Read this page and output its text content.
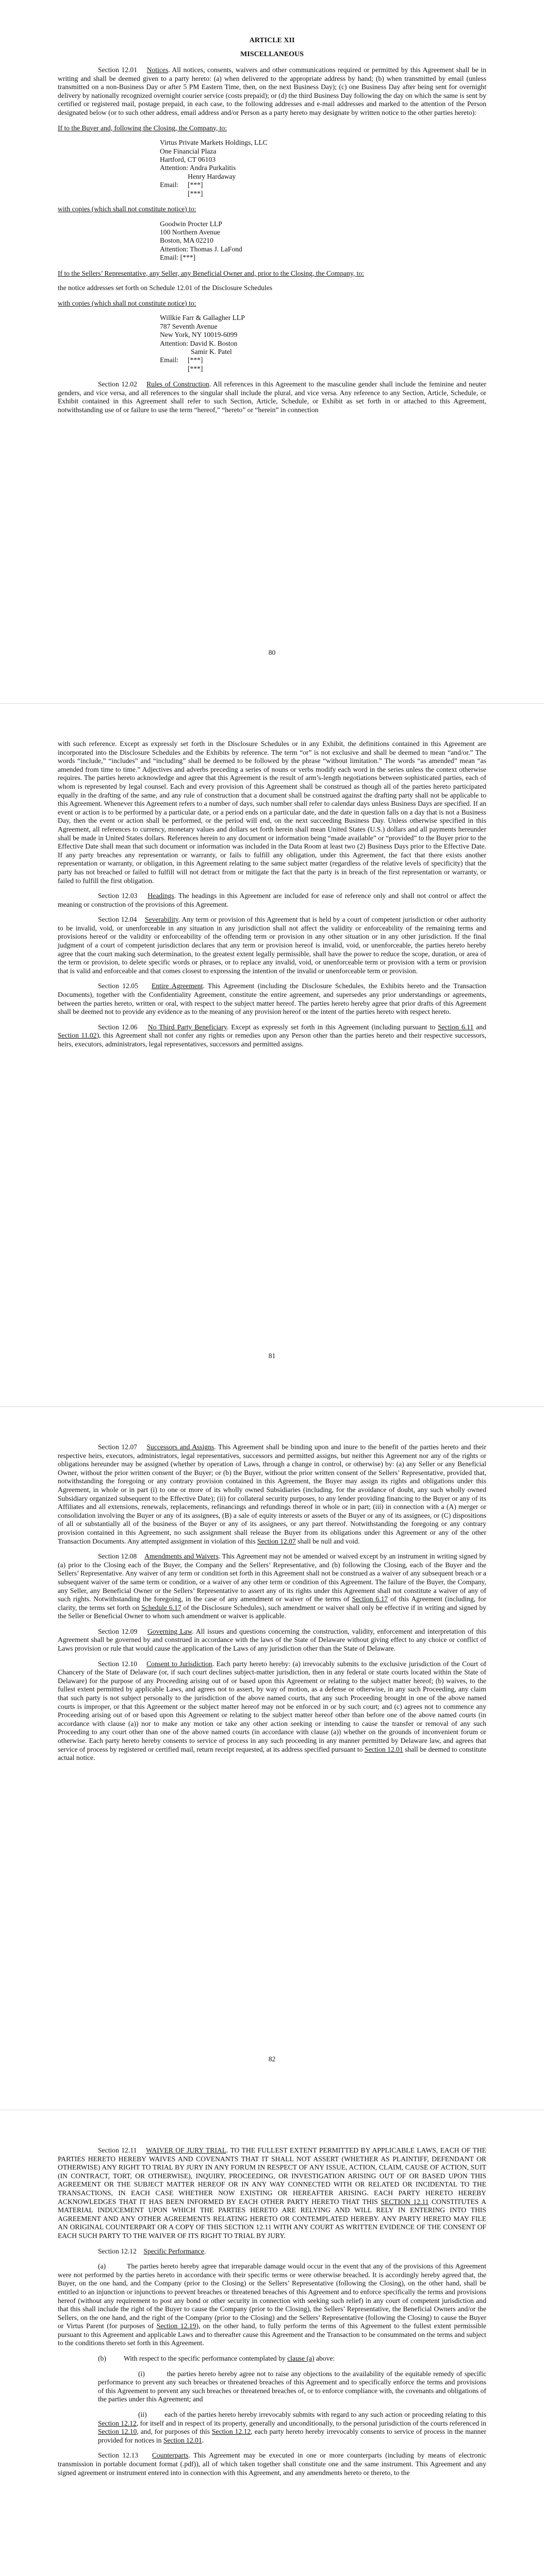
ARTICLE XII
MISCELLANEOUS

Section 12.01 Notices. All notices, consents, waivers and other communications required or permitted by this Agreement shall be in writing and shall be deemed given to a party hereto: (a) when delivered to the appropriate address by hand; (b) when transmitted by email (unless transmitted on a non-Business Day or after 5 PM Eastern Time, then, on the next Business Day); (c) one Business Day after being sent for overnight delivery by nationally recognized overnight courier service (costs prepaid); or (d) the third Business Day following the day on which the same is sent by certified or registered mail, postage prepaid, in each case, to the following addresses and e-mail addresses and marked to the attention of the Person designated below (or to such other address, email address and/or Person as a party hereto may designate by written notice to the other parties hereto):

If to the Buyer and, following the Closing, the Company, to:

Virtus Private Markets Holdings, LLC
One Financial Plaza
Hartford, CT 06103
Attention: Andra Purkalitis
Email:
Henry Hardaway
[***]
[***]

with copies (which shall not constitute notice) to:

Goodwin Procter LLP
100 Northern Avenue
Boston, MA 02210
Attention: Thomas J. LaFond
Email: [***]

If to the Sellers’ Representative, any Seller, any Beneficial Owner and, prior to the Closing, the Company, to:

the notice addresses set forth on Schedule 12.01 of the Disclosure Schedules

with copies (which shall not constitute notice) to:

Willkie Farr & Gallagher LLP
787 Seventh Avenue
New York, NY 10019-6099
Attention: David K. Boston
Samir K. Patel
Email:	[***]
[***]

Section 12.02 Rules of Construction. All references in this Agreement to the masculine gender shall include the feminine and neuter genders, and vice versa, and all references to the singular shall include the plural, and vice versa. Any reference to any Section, Article, Schedule, or Exhibit contained in this Agreement shall refer to such Section, Article, Schedule, or Exhibit as set forth in or attached to this Agreement, notwithstanding use of or failure to use the term “hereof,” “hereto” or “herein” in connection

80

with such reference. Except as expressly set forth in the Disclosure Schedules or in any Exhibit, the definitions contained in this Agreement are incorporated into the Disclosure Schedules and the Exhibits by reference. The term “or” is not exclusive and shall be deemed to mean “and/or.” The words “include,” “includes” and “including” shall be deemed to be followed by the phrase “without limitation.” The words “as amended” mean “as amended from time to time.” Adjectives and adverbs preceding a series of nouns or verbs modify each word in the series unless the context otherwise requires. The parties hereto acknowledge and agree that this Agreement is the result of arm’s-length negotiations between sophisticated parties, each of whom is represented by legal counsel. Each and every provision of this Agreement shall be construed as though all of the parties hereto participated equally in the drafting of the same, and any rule of construction that a document shall be construed against the drafting party shall not be applicable to this Agreement. Whenever this Agreement refers to a number of days, such number shall refer to calendar days unless Business Days are specified. If an event or action is to be performed by a particular date, or a period ends on a particular date, and the date in question falls on a day that is not a Business Day, then the event or action shall be performed, or the period will end, on the next succeeding Business Day. Unless otherwise specified in this Agreement, all references to currency, monetary values and dollars set forth herein shall mean United States (U.S.) dollars and all payments hereunder shall be made in United States dollars. References herein to any document or information being “made available” or “provided” to the Buyer prior to the Effective Date shall mean that such document or information was included in the Data Room at least two (2) Business Days prior to the Effective Date. If any party breaches any representation or warranty, or fails to fulfill any obligation, under this Agreement, the fact that there exists another representation or warranty, or obligation, in this Agreement relating to the same subject matter (regardless of the relative levels of specificity) that the party has not breached or failed to fulfill will not detract from or mitigate the fact that the party is in breach of the first representation or warranty, or failed to fulfill the first obligation.

Section 12.03 Headings. The headings in this Agreement are included for ease of reference only and shall not control or affect the meaning or construction of the provisions of this Agreement.

Section 12.04 Severability. Any term or provision of this Agreement that is held by a court of competent jurisdiction or other authority to be invalid, void, or unenforceable in any situation in any jurisdiction shall not affect the validity or enforceability of the remaining terms and provisions hereof or the validity or enforceability of the offending term or provision in any other situation or in any other jurisdiction. If the final judgment of a court of competent jurisdiction declares that any term or provision hereof is invalid, void, or unenforceable, the parties hereto hereby agree that the court making such determination, to the greatest extent legally permissible, shall have the power to reduce the scope, duration, or area of the term or provision, to delete specific words or phrases, or to replace any invalid, void, or unenforceable term or provision with a term or provision that is valid and enforceable and that comes closest to expressing the intention of the invalid or unenforceable term or provision.

Section 12.05 Entire Agreement. This Agreement (including the Disclosure Schedules, the Exhibits hereto and the Transaction Documents), together with the Confidentiality Agreement, constitute the entire agreement, and supersedes any prior understandings or agreements, between the parties hereto, written or oral, with respect to the subject matter hereof. The parties hereto hereby agree that prior drafts of this Agreement shall be deemed not to provide any evidence as to the meaning of any provision hereof or the intent of the parties hereto with respect hereto.

Section 12.06 No Third Party Beneficiary. Except as expressly set forth in this Agreement (including pursuant to Section 6.11 and Section 11.02), this Agreement shall not confer any rights or remedies upon any Person other than the parties hereto and their respective successors, heirs, executors, administrators, legal representatives, successors and permitted assigns.

81

Section 12.07 Successors and Assigns. This Agreement shall be binding upon and inure to the benefit of the parties hereto and their respective heirs, executors, administrators, legal representatives, successors and permitted assigns, but neither this Agreement nor any of the rights or obligations hereunder may be assigned (whether by operation of Laws, through a change in control, or otherwise) by: (a) any Seller or any Beneficial Owner, without the prior written consent of the Buyer; or (b) the Buyer, without the prior written consent of the Sellers’ Representative, provided that, notwithstanding the foregoing or any contrary provision contained in this Agreement, the Buyer may assign its rights and obligations under this Agreement, in whole or in part (i) to one or more of its wholly owned Subsidiaries (including, for the avoidance of doubt, any such wholly owned Subsidiary organized subsequent to the Effective Date); (ii) for collateral security purposes, to any lender providing financing to the Buyer or any of its Affiliates and all extensions, renewals, replacements, refinancings and refundings thereof in whole or in part; (iii) in connection with a (A) merger or consolidation involving the Buyer or any of its assignees, (B) a sale of equity interests or assets of the Buyer or any of its assignees, or (C) dispositions of all or substantially all of the business of the Buyer or any of its assignees, or any part thereof. Notwithstanding the foregoing or any contrary provision contained in this Agreement, no such assignment shall release the Buyer from its obligations under this Agreement or any of the other Transaction Documents. Any attempted assignment in violation of this Section 12.07 shall be null and void.

Section 12.08 Amendments and Waivers. This Agreement may not be amended or waived except by an instrument in writing signed by (a) prior to the Closing each of the Buyer, the Company and the Sellers’ Representative, and (b) following the Closing, each of the Buyer and the Sellers’ Representative. Any waiver of any term or condition set forth in this Agreement shall not be construed as a waiver of any subsequent breach or a subsequent waiver of the same term or condition, or a waiver of any other term or condition of this Agreement. The failure of the Buyer, the Company, any Seller, any Beneficial Owner or the Sellers’ Representative to assert any of its rights under this Agreement shall not constitute a waiver of any of such rights. Notwithstanding the foregoing, in the case of any amendment or waiver of the terms of Section 6.17 of this Agreement (including, for clarity, the terms set forth on Schedule 6.17 of the Disclosure Schedules), such amendment or waiver shall only be effective if in writing and signed by the Seller or Beneficial Owner to whom such amendment or waiver is applicable.

Section 12.09 Governing Law. All issues and questions concerning the construction, validity, enforcement and interpretation of this Agreement shall be governed by and construed in accordance with the laws of the State of Delaware without giving effect to any choice or conflict of Laws provision or rule that would cause the application of the Laws of any jurisdiction other than the State of Delaware.

Section 12.10 Consent to Jurisdiction. Each party hereto hereby: (a) irrevocably submits to the exclusive jurisdiction of the Court of Chancery of the State of Delaware (or, if such court declines subject-matter jurisdiction, then in any federal or state courts located within the State of Delaware) for the purpose of any Proceeding arising out of or based upon this Agreement or relating to the subject matter hereof; (b) waives, to the fullest extent permitted by applicable Laws, and agrees not to assert, by way of motion, as a defense or otherwise, in any such Proceeding, any claim that such party is not subject personally to the jurisdiction of the above named courts, that any such Proceeding brought in one of the above named courts is improper, or that this Agreement or the subject matter hereof may not be enforced in or by such court; and (c) agrees not to commence any Proceeding arising out of or based upon this Agreement or relating to the subject matter hereof other than before one of the above named courts (in accordance with clause (a)) nor to make any motion or take any other action seeking or intending to cause the transfer or removal of any such Proceeding to any court other than one of the above named courts (in accordance with clause (a)) whether on the grounds of inconvenient forum or otherwise. Each party hereto hereby consents to service of process in any such proceeding in any manner permitted by Delaware law, and agrees that service of process by registered or certified mail, return receipt requested, at its address specified pursuant to Section 12.01 shall be deemed to constitute actual notice.

82

Section 12.11 WAIVER OF JURY TRIAL. TO THE FULLEST EXTENT PERMITTED BY APPLICABLE LAWS, EACH OF THE PARTIES HERETO HEREBY WAIVES AND COVENANTS THAT IT SHALL NOT ASSERT (WHETHER AS PLAINTIFF, DEFENDANT OR OTHERWISE) ANY RIGHT TO TRIAL BY JURY IN ANY FORUM IN RESPECT OF ANY ISSUE, ACTION, CLAIM, CAUSE OF ACTION, SUIT (IN CONTRACT, TORT, OR OTHERWISE), INQUIRY, PROCEEDING, OR INVESTIGATION ARISING OUT OF OR BASED UPON THIS AGREEMENT OR THE SUBJECT MATTER HEREOF OR IN ANY WAY CONNECTED WITH OR RELATED OR INCIDENTAL TO THE TRANSACTIONS, IN EACH CASE WHETHER NOW EXISTING OR HEREAFTER ARISING. EACH PARTY HERETO HEREBY ACKNOWLEDGES THAT IT HAS BEEN INFORMED BY EACH OTHER PARTY HERETO THAT THIS SECTION 12.11 CONSTITUTES A MATERIAL INDUCEMENT UPON WHICH THE PARTIES HERETO ARE RELYING AND WILL RELY IN ENTERING INTO THIS AGREEMENT AND ANY OTHER AGREEMENTS RELATING HERETO OR CONTEMPLATED HEREBY. ANY PARTY HERETO MAY FILE AN ORIGINAL COUNTERPART OR A COPY OF THIS SECTION 12.11 WITH ANY COURT AS WRITTEN EVIDENCE OF THE CONSENT OF EACH SUCH PARTY TO THE WAIVER OF ITS RIGHT TO TRIAL BY JURY.

Section 12.12 Specific Performance.

(a)	The parties hereto hereby agree that irreparable damage would occur in the event that any of the provisions of this Agreement were not performed by the parties hereto in accordance with their specific terms or were otherwise breached. It is accordingly hereby agreed that, the Buyer, on the one hand, and the Company (prior to the Closing) or the Sellers’ Representative (following the Closing), on the other hand, shall be entitled to an injunction or injunctions to prevent breaches or threatened breaches of this Agreement and to enforce specifically the terms and provisions hereof (without any requirement to post any bond or other security in connection with seeking such relief) in any court of competent jurisdiction and that this shall include the right of the Buyer to cause the Company (prior to the Closing), the Sellers’ Representative, the Beneficial Owners and/or the Sellers, on the one hand, and the right of the Company (prior to the Closing) and the Sellers’ Representative (following the Closing) to cause the Buyer or Virtus Parent (for purposes of Section 12.19), on the other hand, to fully perform the terms of this Agreement to the fullest extent permissible pursuant to this Agreement and applicable Laws and to thereafter cause this Agreement and the Transaction to be consummated on the terms and subject to the conditions thereto set forth in this Agreement.

(b) With respect to the specific performance contemplated by clause (a) above:

(i)	the parties hereto hereby agree not to raise any objections to the availability of the equitable remedy of specific performance to prevent any such breaches or threatened breaches of this Agreement and to specifically enforce the terms and provisions of this Agreement to prevent any such breaches or threatened breaches of, or to enforce compliance with, the covenants and obligations of the parties under this Agreement; and

(ii)	each of the parties hereto hereby irrevocably submits with regard to any such action or proceeding relating to this Section 12.12, for itself and in respect of its property, generally and unconditionally, to the personal jurisdiction of the courts referenced in Section 12.10, and, for purposes of this Section 12.12, each party hereto hereby irrevocably consents to service of process in the manner provided for notices in Section 12.01.

Section 12.13 Counterparts. This Agreement may be executed in one or more counterparts (including by means of electronic transmission in portable document format (.pdf)), all of which taken together shall constitute one and the same instrument. This Agreement and any signed agreement or instrument entered into in connection with this Agreement, and any amendments hereto or thereto, to the
